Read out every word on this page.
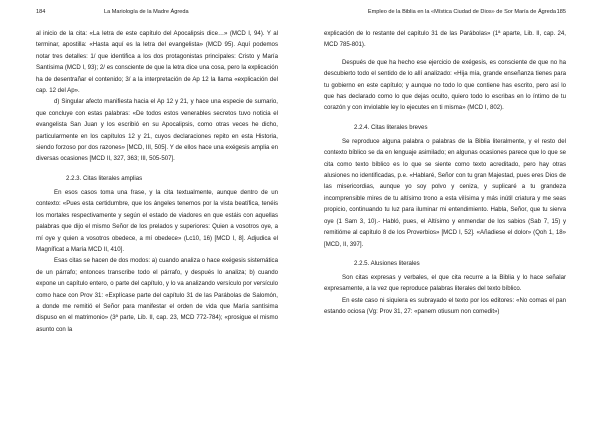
184	La Mariología de la Madre Ágreda

al inicio de la cita: «La letra de este capítulo del Apocalipsis dice…» (MCD I, 94). Y al terminar, apostilla: «Hasta aquí es la letra del evangelista» (MCD 95). Aquí podemos notar tres detalles: 1/ que identifica a los dos protagonistas principales: Cristo y María Santísima (MCD I, 93); 2/ es consciente de que la letra dice una cosa, pero la explicación ha de desentrañar el contenido; 3/ a la interpretación de Ap 12 la llama «explicación del cap. 12 del Ap».

d) Singular afecto manifiesta hacia el Ap 12 y 21, y hace una especie de sumario, que concluye con estas palabras: «De todos estos venerables secretos tuvo noticia el evangelista San Juan y los escribió en su Apocalipsis, como otras veces he dicho, particularmente en los capítulos 12 y 21, cuyos declaraciones repito en esta Historia, siendo forzoso por dos razones» [MCD, III, 505]. Y de ellos hace una exégesis amplia en diversas ocasiones [MCD II, 327, 363; III, 505-507].

2.2.3. Citas literales amplias

En esos casos toma una frase, y la cita textualmente, aunque dentro de un contexto: «Pues esta certidumbre, que los ángeles tenemos por la vista beatífica, tenéis los mortales respectivamente y según el estado de viadores en que estáis con aquellas palabras que dijo el mismo Señor de los prelados y superiores: Quien a vosotros oye, a mí oye y quien a vosotros obedece, a mí obedece» (Lc10, 16) [MCD I, 8]. Adjudica el Magníficat a María MCD II, 410].

Esas citas se hacen de dos modos: a) cuando analiza o hace exégesis sistemática de un párrafo; entonces transcribe todo el párrafo, y después lo analiza; b) cuando expone un capítulo entero, o parte del capítulo, y lo va analizando versículo por versículo como hace con Prov 31: «Explícase parte del capítulo 31 de las Parábolas de Salomón, a donde me remitió el Señor para manifestar el orden de vida que María santísima dispuso en el matrimonio» (3ª parte, Lib. II, cap. 23, MCD 772-784); «prosigue el mismo asunto con la

Empleo de la Biblia en la «Mística Ciudad de Dios» de Sor María de Ágreda 185

explicación de lo restante del capítulo 31 de las Parábolas» (1ª aparte, Lib. II, cap. 24, MCD 785-801).

Después de que ha hecho ese ejercicio de exégesis, es consciente de que no ha descubierto todo el sentido de lo allí analizado: «Hija mía, grande enseñanza tienes para tu gobierno en este capítulo; y aunque no todo lo que contiene has escrito, pero así lo que has declarado como lo que dejas oculto, quiero todo lo escribas en lo íntimo de tu corazón y con inviolable ley lo ejecutes en ti misma» (MCD I, 802).

2.2.4. Citas literales breves

Se reproduce alguna palabra o palabras de la Biblia literalmente, y el resto del contexto bíblico se da en lenguaje asimilado; en algunas ocasiones parece que lo que se cita como texto bíblico es lo que se siente como texto acreditado, pero hay otras alusiones no identificadas, p.e. «Hablaré, Señor con tu gran Majestad, pues eres Dios de las misericordias, aunque yo soy polvo y ceniza, y suplicaré a tu grandeza incomprensible mires de tu altísimo trono a esta vilísima y más inútil criatura y me seas propicio, continuando tu luz para iluminar mi entendimiento. Habla, Señor, que tu sierva oye (1 Sam 3, 10).- Habló, pues, el Altísimo y enmendar de los sabios (Sab 7, 15) y remitióme al capítulo 8 de los Proverbios» [MCD I, 52]. «Añadiese el dolor» (Qoh 1, 18» [MCD, II, 397].

2.2.5. Alusiones literales

Son citas expresas y verbales, el que cita recurre a la Biblia y lo hace señalar expresamente, a la vez que reproduce palabras literales del texto bíblico.

En este caso ni siquiera es subrayado el texto por los editores: «No comas el pan estando ociosa (Vg: Prov 31, 27: «panem otiusum non comedit»)
